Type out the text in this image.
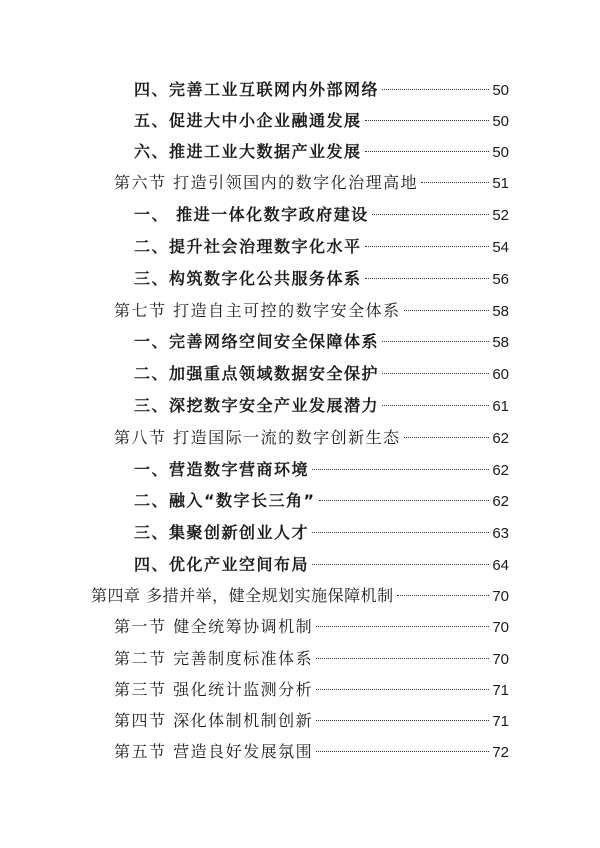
四、完善工业互联网内外部网络	50
五、促进大中小企业融通发展	50
六、推进工业大数据产业发展	50
第六节 打造引领国内的数字化治理高地	51
一、 推进一体化数字政府建设	52
二、提升社会治理数字化水平	54
三、构筑数字化公共服务体系	56
第七节 打造自主可控的数字安全体系	58
一、完善网络空间安全保障体系	58
二、加强重点领域数据安全保护	60
三、深挖数字安全产业发展潜力	61
第八节 打造国际一流的数字创新生态	62
一、营造数字营商环境	62
二、融入“数字长三角”	62
三、集聚创新创业人才	63
四、优化产业空间布局	64
第四章 多措并举，健全规划实施保障机制	70
第一节 健全统筹协调机制	70
第二节 完善制度标准体系	70
第三节 强化统计监测分析	71
第四节 深化体制机制创新	71
第五节 营造良好发展氛围	72
